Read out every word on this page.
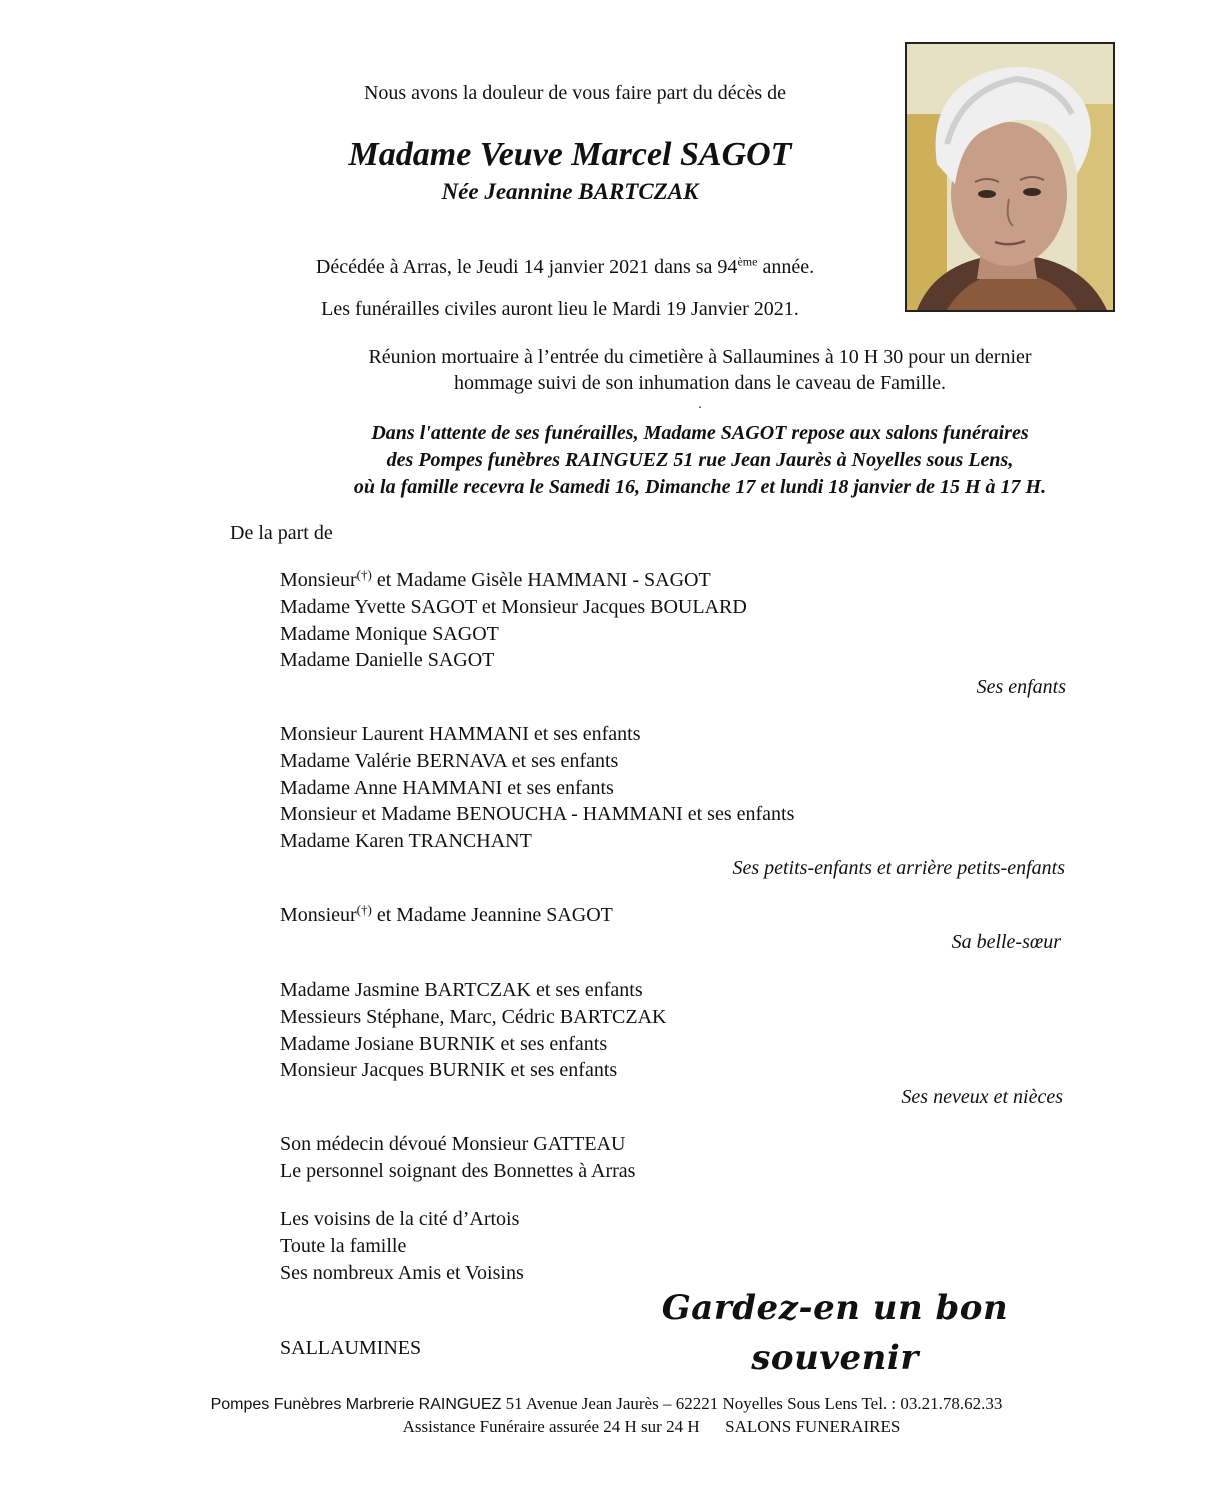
Nous avons la douleur de vous faire part du décès de
Madame Veuve Marcel SAGOT
Née Jeannine BARTCZAK
Décédée à Arras, le Jeudi 14 janvier 2021 dans sa 94ème année.
Les funérailles civiles auront lieu le Mardi 19 Janvier 2021.
Réunion mortuaire à l’entrée du cimetière à Sallaumines à 10 H 30 pour un dernier
hommage suivi de son inhumation dans le caveau de Famille.
.
Dans l'attente de ses funérailles, Madame SAGOT repose aux salons funéraires
des Pompes funèbres RAINGUEZ 51 rue Jean Jaurès à Noyelles sous Lens,
où la famille recevra le Samedi 16, Dimanche 17 et lundi 18 janvier de 15 H à 17 H.
De la part de
Monsieur(†) et Madame Gisèle HAMMANI - SAGOT
Madame Yvette SAGOT et Monsieur Jacques BOULARD
Madame Monique SAGOT
Madame Danielle SAGOT
Ses enfants
Monsieur Laurent HAMMANI et ses enfants
Madame Valérie BERNAVA et ses enfants
Madame Anne HAMMANI et ses enfants
Monsieur et Madame BENOUCHA - HAMMANI et ses enfants
Madame Karen TRANCHANT
Ses petits-enfants et arrière petits-enfants
Monsieur(†) et Madame Jeannine SAGOT
Sa belle-sœur
Madame Jasmine BARTCZAK et ses enfants
Messieurs Stéphane, Marc, Cédric BARTCZAK
Madame Josiane BURNIK et ses enfants
Monsieur Jacques BURNIK et ses enfants
Ses neveux et nièces
Son médecin dévoué Monsieur GATTEAU
Le personnel soignant des Bonnettes à Arras
Les voisins de la cité d’Artois
Toute la famille
Ses nombreux Amis et Voisins
Gardez-en un bon souvenir
SALLAUMINES
Pompes Funèbres Marbrerie RAINGUEZ 51 Avenue Jean Jaurès – 62221 Noyelles Sous Lens Tel. : 03.21.78.62.33
Assistance Funéraire assurée 24 H sur 24 H      SALONS FUNERAIRES
